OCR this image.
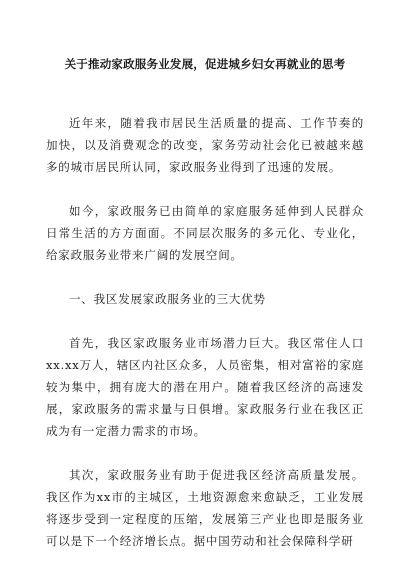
关于推动家政服务业发展，促进城乡妇女再就业的思考

近年来，随着我市居民生活质量的提高、工作节奏的加快，以及消费观念的改变，家务劳动社会化已被越来越多的城市居民所认同，家政服务业得到了迅速的发展。

如今，家政服务已由简单的家庭服务延伸到人民群众日常生活的方方面面。不同层次服务的多元化、专业化，给家政服务业带来广阔的发展空间。

一、我区发展家政服务业的三大优势

首先，我区家政服务业市场潜力巨大。我区常住人口xx.xx万人，辖区内社区众多，人员密集，相对富裕的家庭较为集中，拥有庞大的潜在用户。随着我区经济的高速发展，家政服务的需求量与日俱增。家政服务行业在我区正成为有一定潜力需求的市场。

其次，家政服务业有助于促进我区经济高质量发展。我区作为xx市的主城区，土地资源愈来愈缺乏，工业发展将逐步受到一定程度的压缩，发展第三产业也即是服务业可以是下一个经济增长点。据中国劳动和社会保障科学研
